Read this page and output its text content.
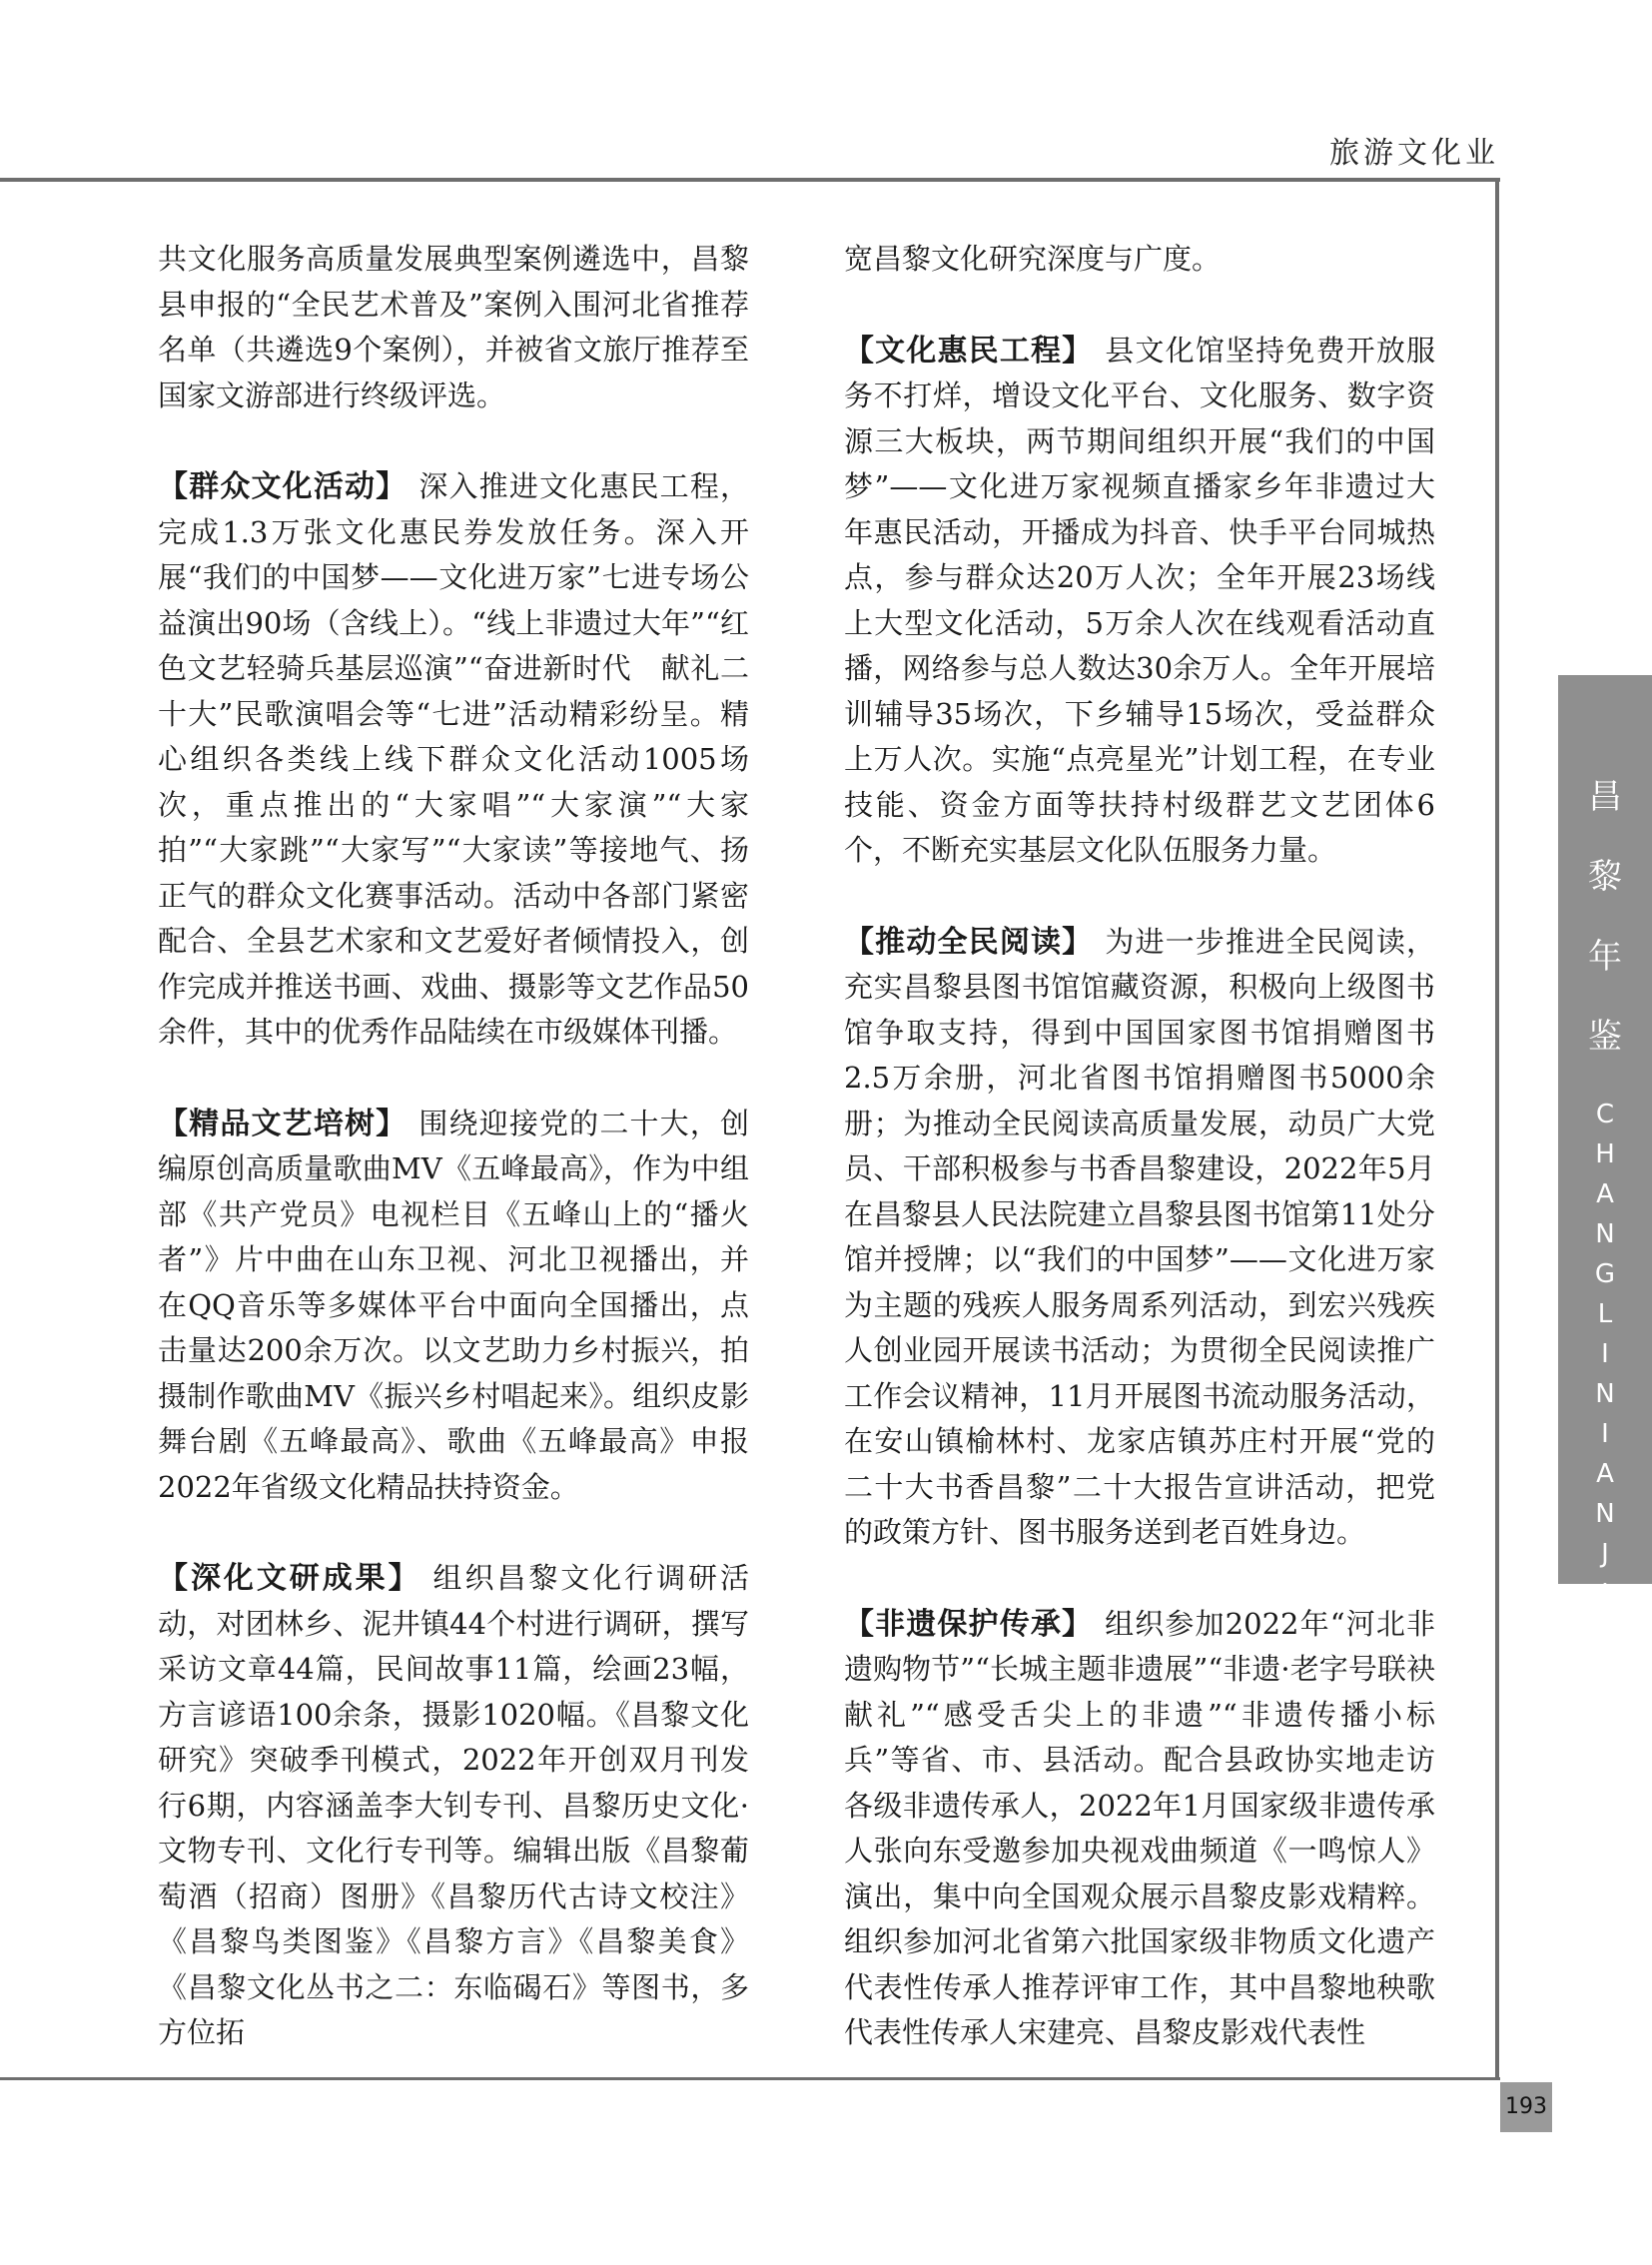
旅游文化业
昌
黎
年
鉴
C
H
A
N
G
L
I
N
I
A
N
J
I
A
N

共文化服务高质量发展典型案例遴选中，昌黎县申报的“全民艺术普及”案例入围河北省推荐名单（共遴选9个案例），并被省文旅厅推荐至国家文游部进行终级评选。

【群众文化活动】 深入推进文化惠民工程，完成1.3万张文化惠民券发放任务。深入开展“我们的中国梦——文化进万家”七进专场公益演出90场（含线上）。“线上非遗过大年”“红色文艺轻骑兵基层巡演”“奋进新时代　献礼二十大”民歌演唱会等“七进”活动精彩纷呈。精心组织各类线上线下群众文化活动1005场次，重点推出的“大家唱”“大家演”“大家拍”“大家跳”“大家写”“大家读”等接地气、扬正气的群众文化赛事活动。活动中各部门紧密配合、全县艺术家和文艺爱好者倾情投入，创作完成并推送书画、戏曲、摄影等文艺作品50余件，其中的优秀作品陆续在市级媒体刊播。

【精品文艺培树】 围绕迎接党的二十大，创编原创高质量歌曲MV《五峰最高》，作为中组部《共产党员》电视栏目《五峰山上的“播火者”》片中曲在山东卫视、河北卫视播出，并在QQ音乐等多媒体平台中面向全国播出，点击量达200余万次。以文艺助力乡村振兴，拍摄制作歌曲MV《振兴乡村唱起来》。组织皮影舞台剧《五峰最高》、歌曲《五峰最高》申报2022年省级文化精品扶持资金。

【深化文研成果】 组织昌黎文化行调研活动，对团林乡、泥井镇44个村进行调研，撰写采访文章44篇，民间故事11篇，绘画23幅，方言谚语100余条，摄影1020幅。《昌黎文化研究》突破季刊模式，2022年开创双月刊发行6期，内容涵盖李大钊专刊、昌黎历史文化·文物专刊、文化行专刊等。编辑出版《昌黎葡萄酒（招商）图册》《昌黎历代古诗文校注》《昌黎鸟类图鉴》《昌黎方言》《昌黎美食》《昌黎文化丛书之二：东临碣石》等图书，多方位拓

宽昌黎文化研究深度与广度。

【文化惠民工程】 县文化馆坚持免费开放服务不打烊，增设文化平台、文化服务、数字资源三大板块，两节期间组织开展“我们的中国梦”——文化进万家视频直播家乡年非遗过大年惠民活动，开播成为抖音、快手平台同城热点，参与群众达20万人次；全年开展23场线上大型文化活动，5万余人次在线观看活动直播，网络参与总人数达30余万人。全年开展培训辅导35场次，下乡辅导15场次，受益群众上万人次。实施“点亮星光”计划工程，在专业技能、资金方面等扶持村级群艺文艺团体6个，不断充实基层文化队伍服务力量。

【推动全民阅读】 为进一步推进全民阅读，充实昌黎县图书馆馆藏资源，积极向上级图书馆争取支持，得到中国国家图书馆捐赠图书2.5万余册，河北省图书馆捐赠图书5000余册；为推动全民阅读高质量发展，动员广大党员、干部积极参与书香昌黎建设，2022年5月在昌黎县人民法院建立昌黎县图书馆第11处分馆并授牌；以“我们的中国梦”——文化进万家为主题的残疾人服务周系列活动，到宏兴残疾人创业园开展读书活动；为贯彻全民阅读推广工作会议精神，11月开展图书流动服务活动，在安山镇榆林村、龙家店镇苏庄村开展“党的二十大书香昌黎”二十大报告宣讲活动，把党的政策方针、图书服务送到老百姓身边。

【非遗保护传承】 组织参加2022年“河北非遗购物节”“长城主题非遗展”“非遗·老字号联袂献礼”“感受舌尖上的非遗”“非遗传播小标兵”等省、市、县活动。配合县政协实地走访各级非遗传承人，2022年1月国家级非遗传承人张向东受邀参加央视戏曲频道《一鸣惊人》演出，集中向全国观众展示昌黎皮影戏精粹。组织参加河北省第六批国家级非物质文化遗产代表性传承人推荐评审工作，其中昌黎地秧歌代表性传承人宋建亮、昌黎皮影戏代表性

193
